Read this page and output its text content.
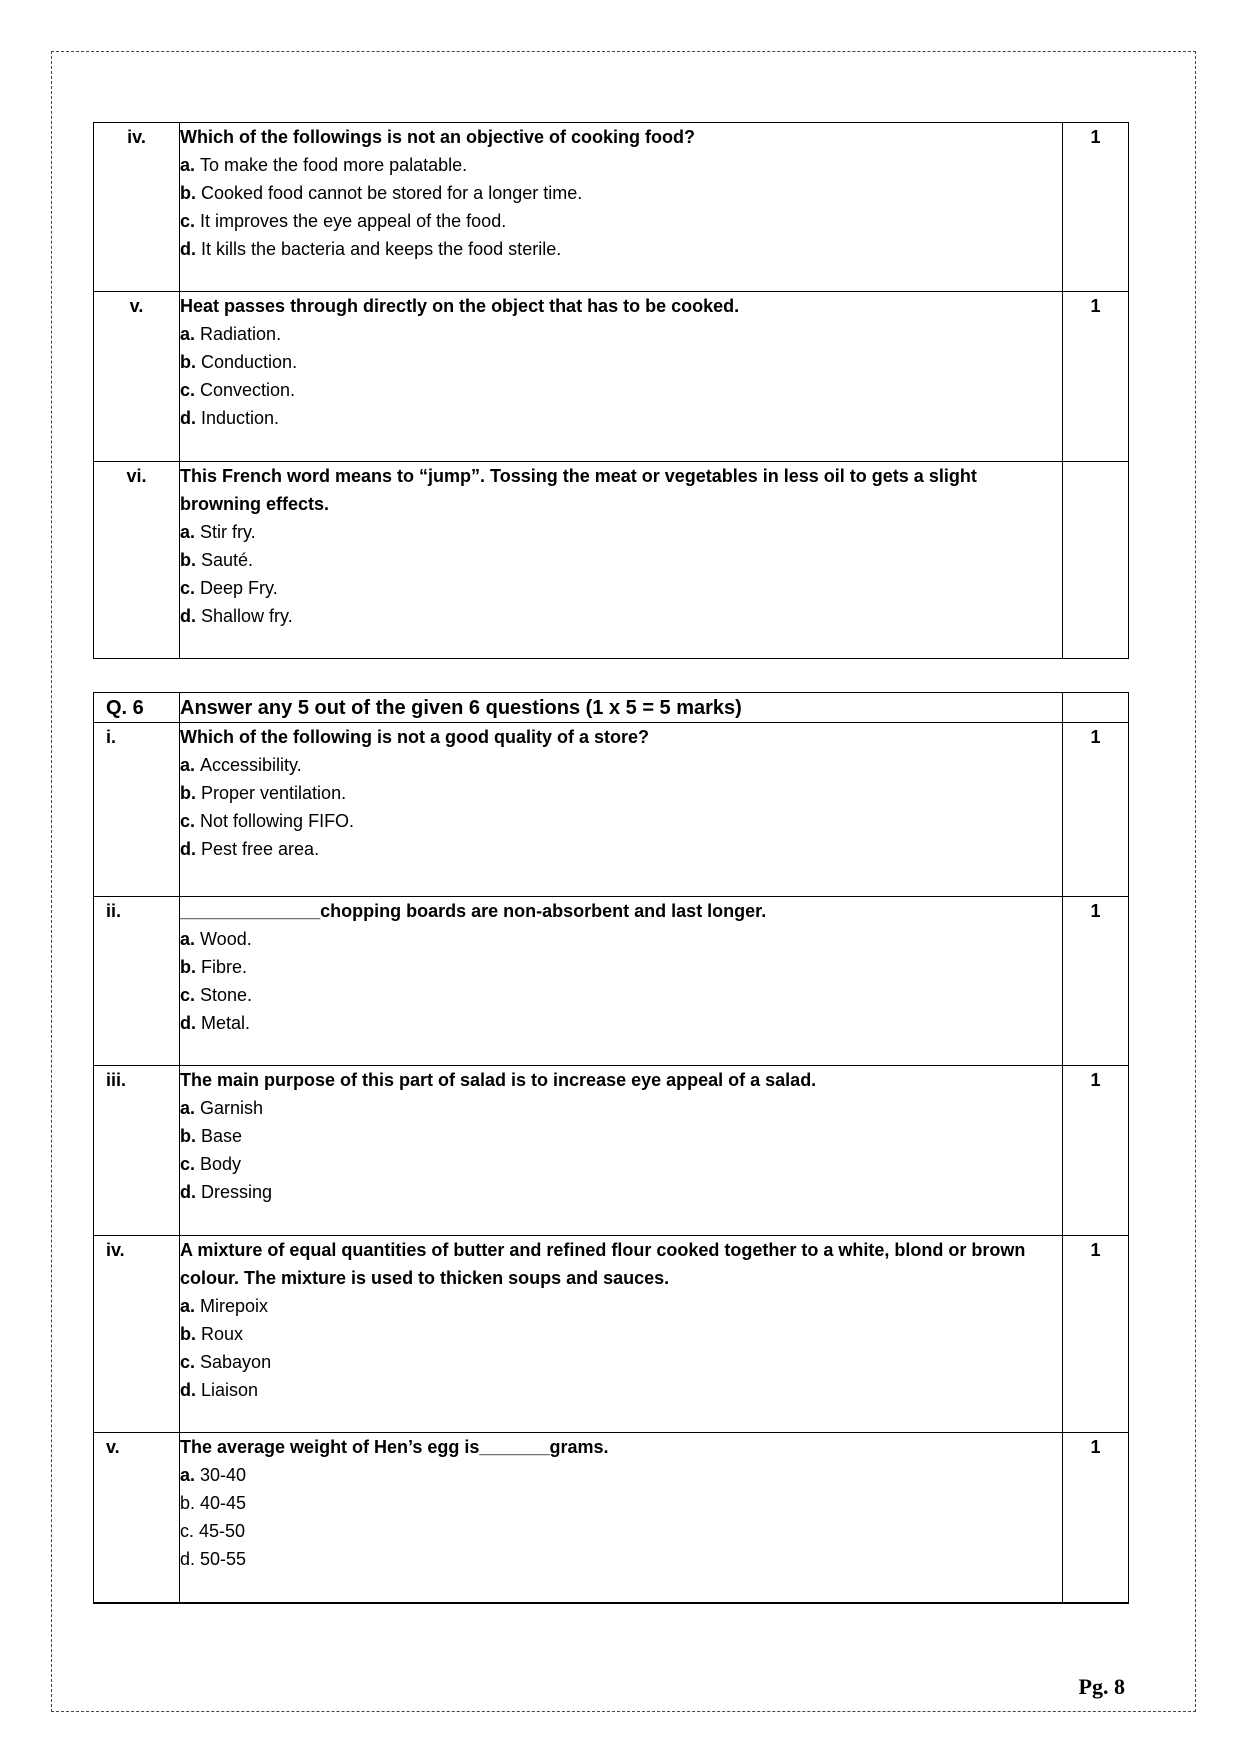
iv.	Which of the followings is not an objective of cooking food?
a. To make the food more palatable.
b. Cooked food cannot be stored for a longer time.
c. It improves the eye appeal of the food.
d. It kills the bacteria and keeps the food sterile.	1
v.	Heat passes through directly on the object that has to be cooked.
a. Radiation.
b. Conduction.
c. Convection.
d. Induction.	1
vi.	This French word means to “jump”. Tossing the meat or vegetables in less oil to gets a slight browning effects.
a. Stir fry.
b. Sauté.
c. Deep Fry.
d. Shallow fry.	

Q. 6	Answer any 5 out of the given 6 questions (1 x 5 = 5 marks)	
i.	Which of the following is not a good quality of a store?
a. Accessibility.
b. Proper ventilation.
c. Not following FIFO.
d. Pest free area.	1
ii.	______________chopping boards are non-absorbent and last longer.
a. Wood.
b. Fibre.
c. Stone.
d. Metal.	1
iii.	The main purpose of this part of salad is to increase eye appeal of a salad.
a. Garnish
b. Base
c. Body
d. Dressing	1
iv.	A mixture of equal quantities of butter and refined flour cooked together to a white, blond or brown colour. The mixture is used to thicken soups and sauces.
a. Mirepoix
b. Roux
c. Sabayon
d. Liaison	1
v.	The average weight of Hen’s egg is_______grams.
a. 30-40
b. 40-45
c. 45-50
d. 50-55	1
Pg. 8
